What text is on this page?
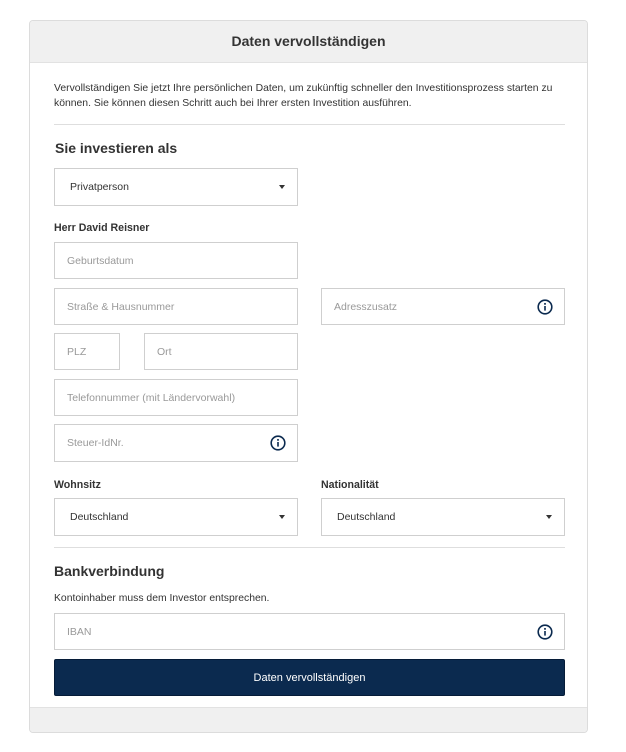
Daten vervollständigen
Vervollständigen Sie jetzt Ihre persönlichen Daten, um zukünftig schneller den Investitionsprozess starten zu können. Sie können diesen Schritt auch bei Ihrer ersten Investition ausführen.
Sie investieren als
Privatperson
Herr David Reisner
Geburtsdatum
Straße & Hausnummer	Adresszusatz
PLZ	Ort
Telefonnummer (mit Ländervorwahl)
Steuer-IdNr.
Wohnsitz	Nationalität
Deutschland	Deutschland
Bankverbindung
Kontoinhaber muss dem Investor entsprechen.
IBAN
Daten vervollständigen
